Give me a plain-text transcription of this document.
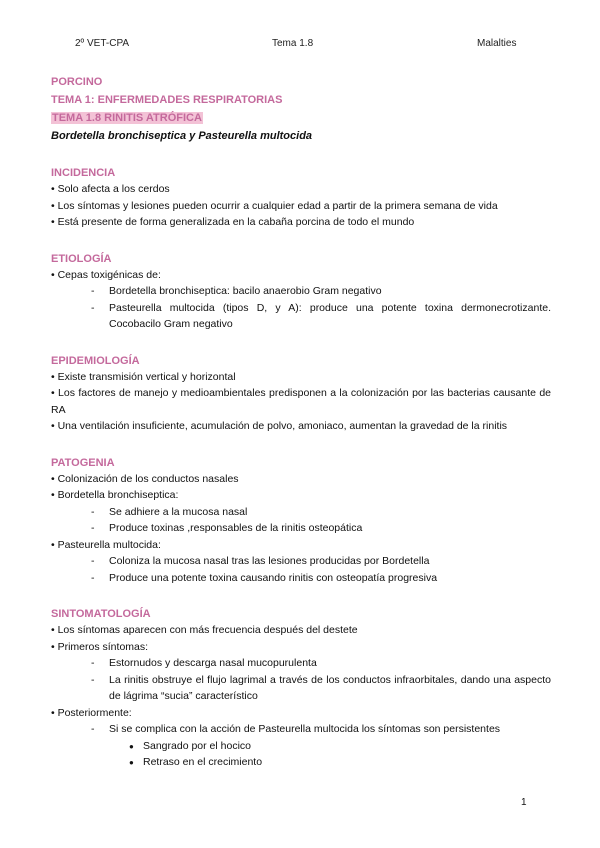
2º VET-CPA	Tema 1.8	Malalties
PORCINO
TEMA 1: ENFERMEDADES RESPIRATORIAS
TEMA 1.8 RINITIS ATRÓFICA
Bordetella bronchiseptica y Pasteurella multocida
INCIDENCIA
• Solo afecta a los cerdos
• Los síntomas y lesiones pueden ocurrir a cualquier edad a partir de la primera semana de vida
• Está presente de forma generalizada en la cabaña porcina de todo el mundo
ETIOLOGÍA
• Cepas toxigénicas de:
- Bordetella bronchiseptica: bacilo anaerobio Gram negativo
- Pasteurella multocida (tipos D, y A): produce una potente toxina dermonecrotizante. Cocobacilo Gram negativo
EPIDEMIOLOGÍA
• Existe transmisión vertical y horizontal
• Los factores de manejo y medioambientales predisponen a la colonización por las bacterias causante de RA
• Una ventilación insuficiente, acumulación de polvo, amoniaco, aumentan la gravedad de la rinitis
PATOGENIA
• Colonización de los conductos nasales
• Bordetella bronchiseptica:
- Se adhiere a la mucosa nasal
- Produce toxinas ,responsables de la rinitis osteopática
• Pasteurella multocida:
- Coloniza la mucosa nasal tras las lesiones producidas por Bordetella
- Produce una potente toxina causando rinitis con osteopatía progresiva
SINTOMATOLOGÍA
• Los síntomas aparecen con más frecuencia después del destete
• Primeros síntomas:
- Estornudos y descarga nasal mucopurulenta
- La rinitis obstruye el flujo lagrimal a través de los conductos infraorbitales, dando una aspecto de lágrima “sucia” característico
• Posteriormente:
- Si se complica con la acción de Pasteurella multocida los síntomas son persistentes
● Sangrado por el hocico
● Retraso en el crecimiento
1
